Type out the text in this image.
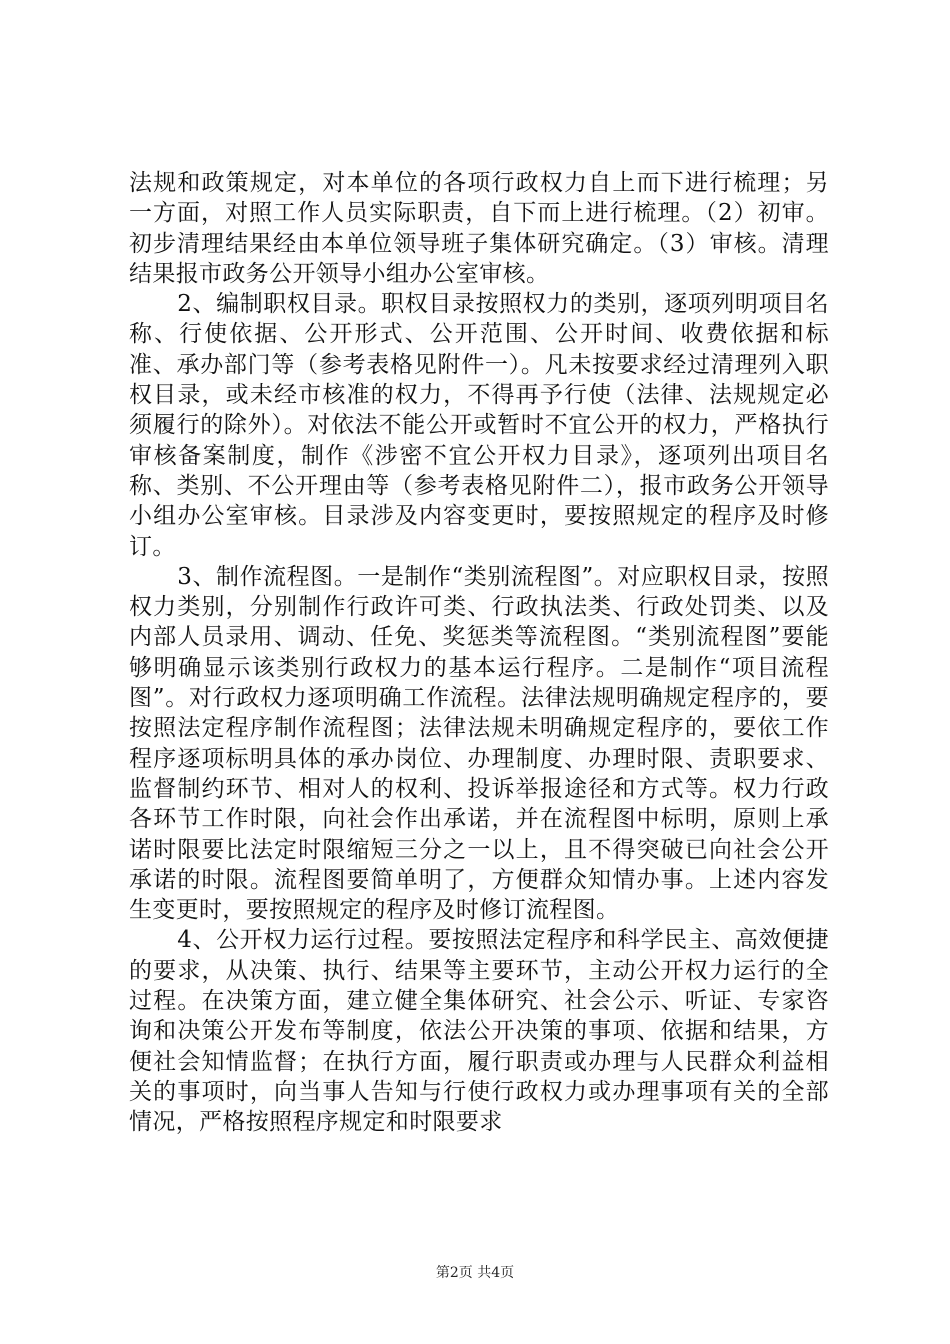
法规和政策规定，对本单位的各项行政权力自上而下进行梳理；另一方面，对照工作人员实际职责，自下而上进行梳理。（2）初审。初步清理结果经由本单位领导班子集体研究确定。（3）审核。清理结果报市政务公开领导小组办公室审核。

2、编制职权目录。职权目录按照权力的类别，逐项列明项目名称、行使依据、公开形式、公开范围、公开时间、收费依据和标准、承办部门等（参考表格见附件一）。凡未按要求经过清理列入职权目录，或未经市核准的权力，不得再予行使（法律、法规规定必须履行的除外）。对依法不能公开或暂时不宜公开的权力，严格执行审核备案制度，制作《涉密不宜公开权力目录》，逐项列出项目名称、类别、不公开理由等（参考表格见附件二），报市政务公开领导小组办公室审核。目录涉及内容变更时，要按照规定的程序及时修订。

3、制作流程图。一是制作“类别流程图”。对应职权目录，按照权力类别，分别制作行政许可类、行政执法类、行政处罚类、以及内部人员录用、调动、任免、奖惩类等流程图。“类别流程图”要能够明确显示该类别行政权力的基本运行程序。二是制作“项目流程图”。对行政权力逐项明确工作流程。法律法规明确规定程序的，要按照法定程序制作流程图；法律法规未明确规定程序的，要依工作程序逐项标明具体的承办岗位、办理制度、办理时限、责职要求、监督制约环节、相对人的权利、投诉举报途径和方式等。权力行政各环节工作时限，向社会作出承诺，并在流程图中标明，原则上承诺时限要比法定时限缩短三分之一以上，且不得突破已向社会公开承诺的时限。流程图要简单明了，方便群众知情办事。上述内容发生变更时，要按照规定的程序及时修订流程图。

4、公开权力运行过程。要按照法定程序和科学民主、高效便捷的要求，从决策、执行、结果等主要环节，主动公开权力运行的全过程。在决策方面，建立健全集体研究、社会公示、听证、专家咨询和决策公开发布等制度，依法公开决策的事项、依据和结果，方便社会知情监督；在执行方面，履行职责或办理与人民群众利益相关的事项时，向当事人告知与行使行政权力或办理事项有关的全部情况，严格按照程序规定和时限要求

第2页 共4页
